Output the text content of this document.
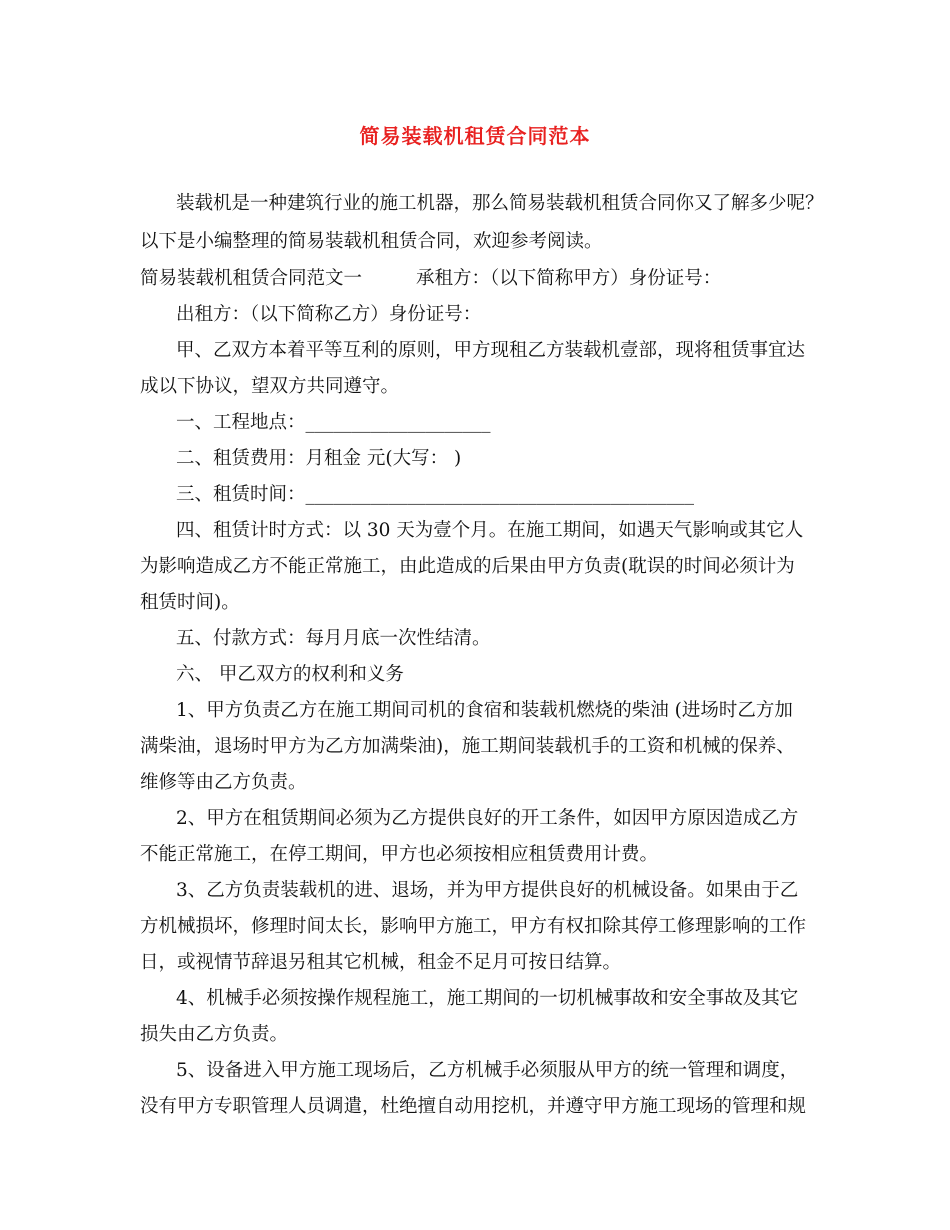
简易装载机租赁合同范本
装载机是一种建筑行业的施工机器，那么简易装载机租赁合同你又了解多少呢？
以下是小编整理的简易装载机租赁合同，欢迎参考阅读。
简易装载机租赁合同范文一	承租方：（以下简称甲方）身份证号：
出租方：（以下简称乙方）身份证号：
甲、乙双方本着平等互利的原则，甲方现租乙方装载机壹部，现将租赁事宜达
成以下协议，望双方共同遵守。
一、工程地点：____________________
二、租赁费用：月租金 元(大写： )
三、租赁时间：__________________________________________
四、租赁计时方式：以 30 天为壹个月。在施工期间，如遇天气影响或其它人
为影响造成乙方不能正常施工，由此造成的后果由甲方负责(耽误的时间必须计为
租赁时间)。
五、付款方式：每月月底一次性结清。
六、 甲乙双方的权利和义务
1、甲方负责乙方在施工期间司机的食宿和装载机燃烧的柴油 (进场时乙方加
满柴油，退场时甲方为乙方加满柴油)，施工期间装载机手的工资和机械的保养、
维修等由乙方负责。
2、甲方在租赁期间必须为乙方提供良好的开工条件，如因甲方原因造成乙方
不能正常施工，在停工期间，甲方也必须按相应租赁费用计费。
3、乙方负责装载机的进、退场，并为甲方提供良好的机械设备。如果由于乙
方机械损坏，修理时间太长，影响甲方施工，甲方有权扣除其停工修理影响的工作
日，或视情节辞退另租其它机械，租金不足月可按日结算。
4、机械手必须按操作规程施工，施工期间的一切机械事故和安全事故及其它
损失由乙方负责。
5、设备进入甲方施工现场后，乙方机械手必须服从甲方的统一管理和调度，
没有甲方专职管理人员调遣，杜绝擅自动用挖机，并遵守甲方施工现场的管理和规
